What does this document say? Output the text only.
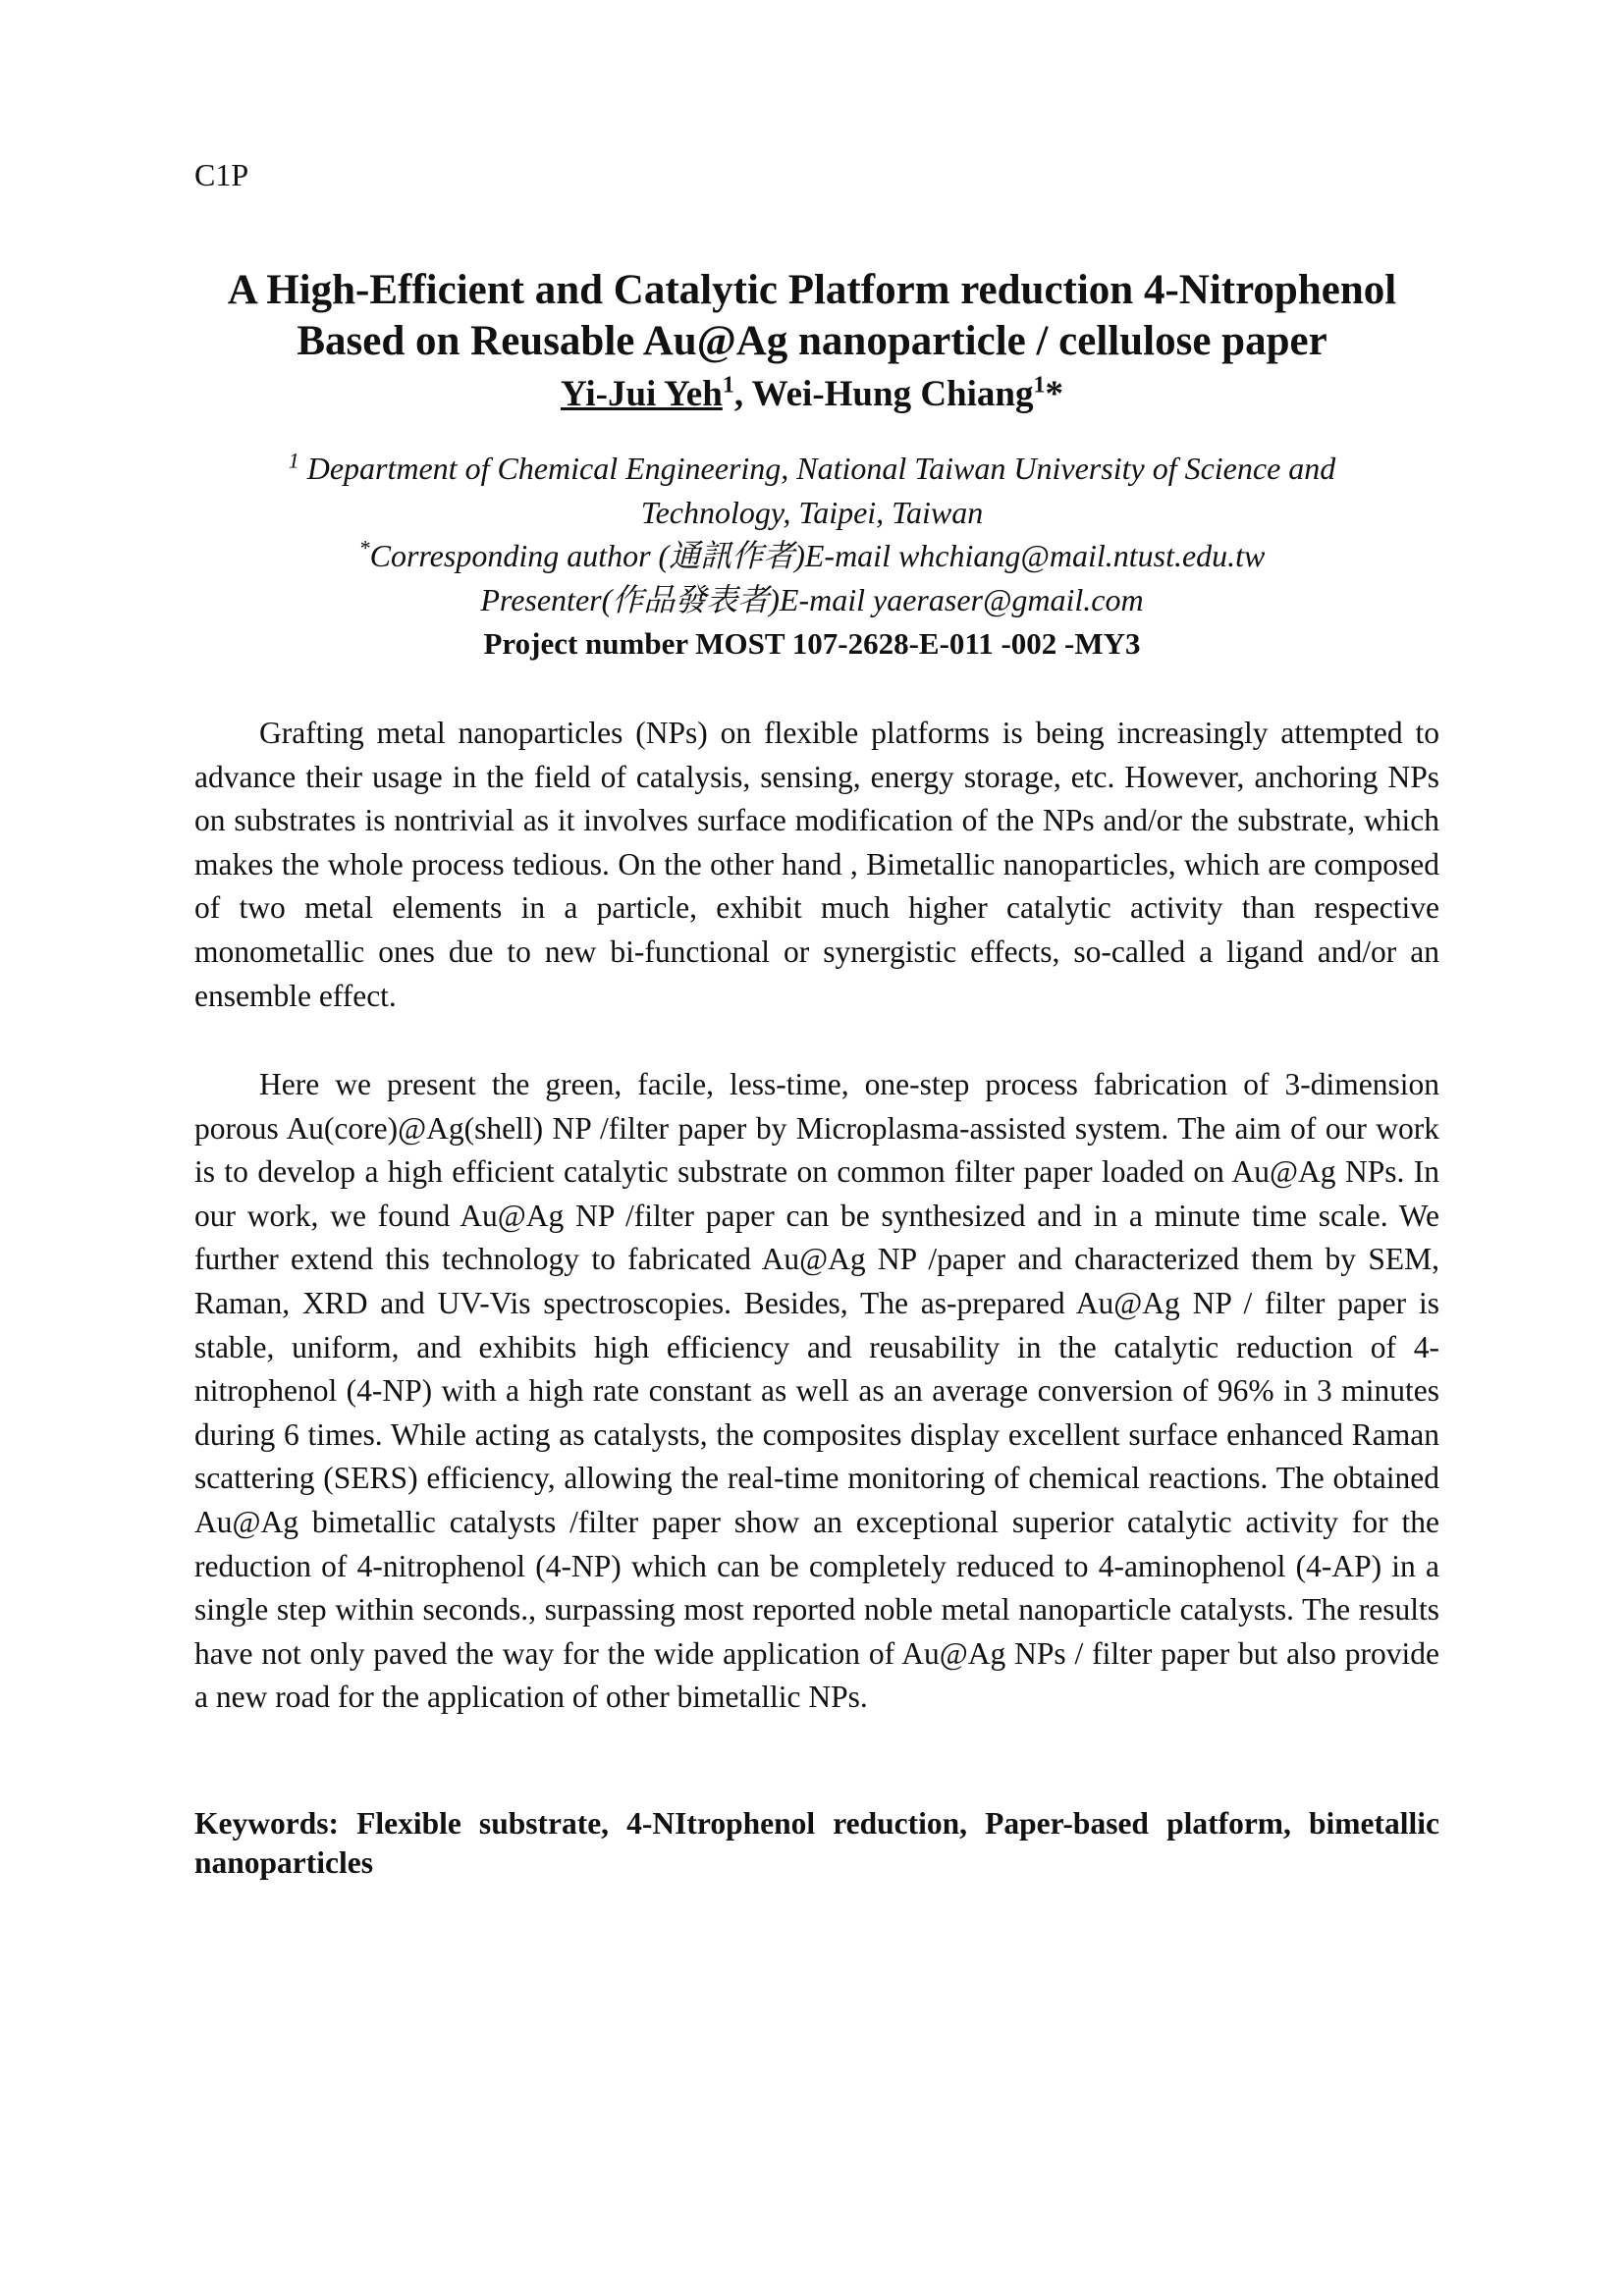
C1P
A High-Efficient and Catalytic Platform reduction 4-Nitrophenol
Based on Reusable Au@Ag nanoparticle / cellulose paper
Yi-Jui Yeh$^1$, Wei-Hung Chiang$^1$*
$^1$ Department of Chemical Engineering, National Taiwan University of Science and
Technology, Taipei, Taiwan
*Corresponding author (通訊作者)E-mail whchiang@mail.ntust.edu.tw
Presenter(作品發表者)E-mail yaeraser@gmail.com
Project number MOST 107-2628-E-011 -002 -MY3

Grafting metal nanoparticles (NPs) on flexible platforms is being increasingly attempted to advance their usage in the field of catalysis, sensing, energy storage, etc. However, anchoring NPs on substrates is nontrivial as it involves surface modification of the NPs and/or the substrate, which makes the whole process tedious. On the other hand , Bimetallic nanoparticles, which are composed of two metal elements in a particle, exhibit much higher catalytic activity than respective monometallic ones due to new bi-functional or synergistic effects, so-called a ligand and/or an ensemble effect.

Here we present the green, facile, less-time, one-step process fabrication of 3-dimension porous Au(core)@Ag(shell) NP /filter paper by Microplasma-assisted system. The aim of our work is to develop a high efficient catalytic substrate on common filter paper loaded on Au@Ag NPs. In our work, we found Au@Ag NP /filter paper can be synthesized and in a minute time scale. We further extend this technology to fabricated Au@Ag NP /paper and characterized them by SEM, Raman, XRD and UV-Vis spectroscopies. Besides, The as-prepared Au@Ag NP / filter paper is stable, uniform, and exhibits high efficiency and reusability in the catalytic reduction of 4-nitrophenol (4-NP) with a high rate constant as well as an average conversion of 96% in 3 minutes during 6 times. While acting as catalysts, the composites display excellent surface enhanced Raman scattering (SERS) efficiency, allowing the real-time monitoring of chemical reactions. The obtained Au@Ag bimetallic catalysts /filter paper show an exceptional superior catalytic activity for the reduction of 4-nitrophenol (4-NP) which can be completely reduced to 4-aminophenol (4-AP) in a single step within seconds., surpassing most reported noble metal nanoparticle catalysts. The results have not only paved the way for the wide application of Au@Ag NPs / filter paper but also provide a new road for the application of other bimetallic NPs.

Keywords: Flexible substrate, 4-NItrophenol reduction, Paper-based platform, bimetallic nanoparticles
